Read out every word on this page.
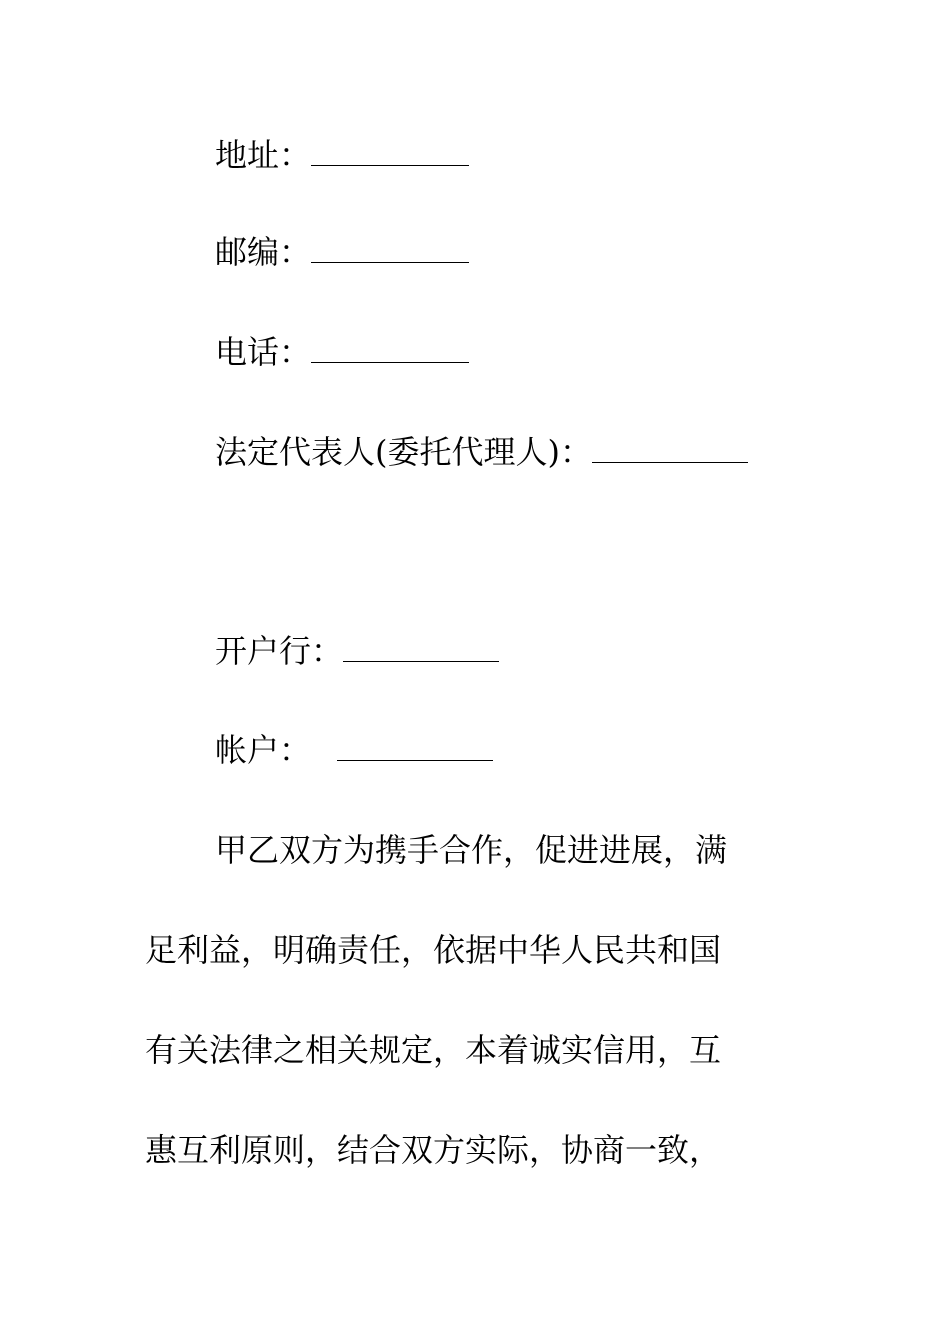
地址：
邮编：
电话：
法定代表人(委托代理人)：
开户行：
帐户：
甲乙双方为携手合作，促进进展，满
足利益，明确责任，依据中华人民共和国
有关法律之相关规定，本着诚实信用，互
惠互利原则，结合双方实际，协商一致，
